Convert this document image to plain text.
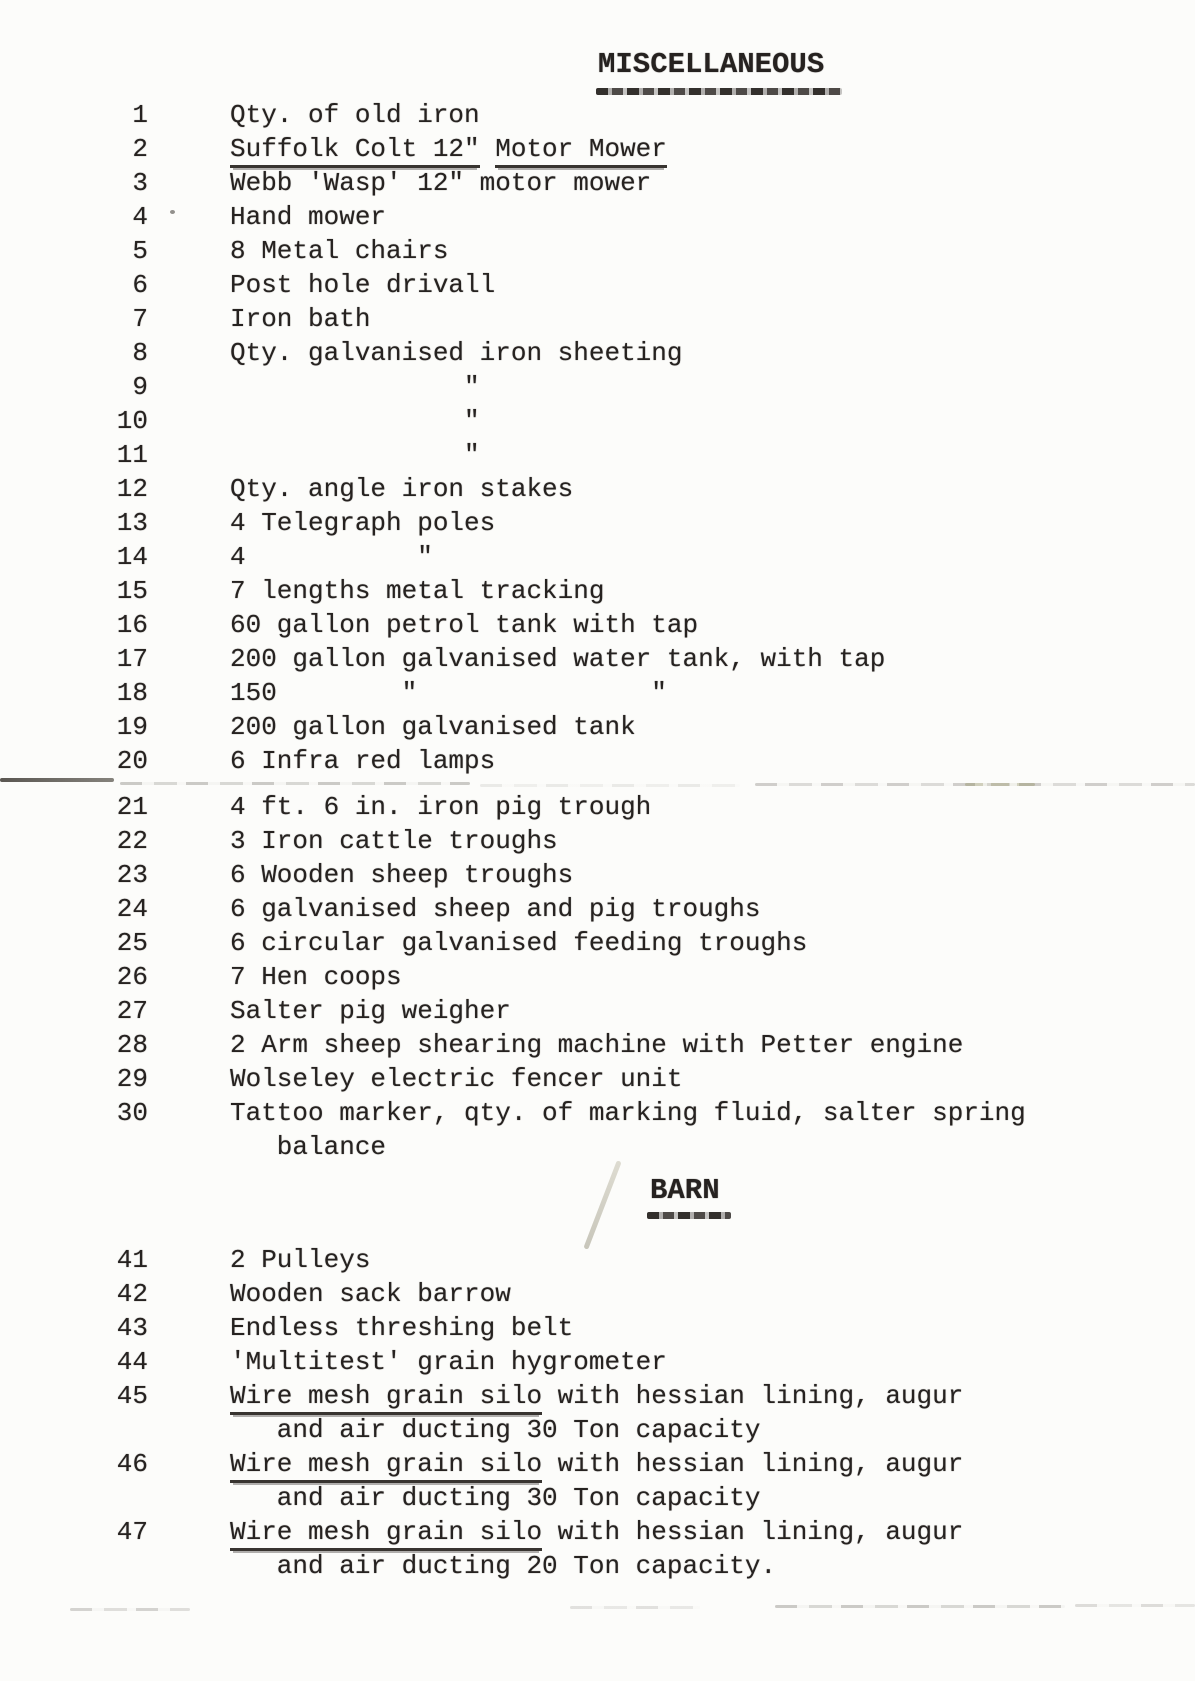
MISCELLANEOUS
1	Qty. of old iron
2	Suffolk Colt 12" Motor Mower
3	Webb 'Wasp' 12" motor mower
4	Hand mower
5	8 Metal chairs
6	Post hole drivall
7	Iron bath
8	Qty. galvanised iron sheeting
9	"
10	"
11	"
12	Qty. angle iron stakes
13	4 Telegraph poles
14	4           "
15	7 lengths metal tracking
16	60 gallon petrol tank with tap
17	200 gallon galvanised water tank, with tap
18	150        "               "
19	200 gallon galvanised tank
20	6 Infra red lamps
21	4 ft. 6 in. iron pig trough
22	3 Iron cattle troughs
23	6 Wooden sheep troughs
24	6 galvanised sheep and pig troughs
25	6 circular galvanised feeding troughs
26	7 Hen coops
27	Salter pig weigher
28	2 Arm sheep shearing machine with Petter engine
29	Wolseley electric fencer unit
30	Tattoo marker, qty. of marking fluid, salter spring
balance
BARN
41	2 Pulleys
42	Wooden sack barrow
43	Endless threshing belt
44	'Multitest' grain hygrometer
45	Wire mesh grain silo with hessian lining, augur
and air ducting 30 Ton capacity
46	Wire mesh grain silo with hessian lining, augur
and air ducting 30 Ton capacity
47	Wire mesh grain silo with hessian lining, augur
and air ducting 20 Ton capacity.
